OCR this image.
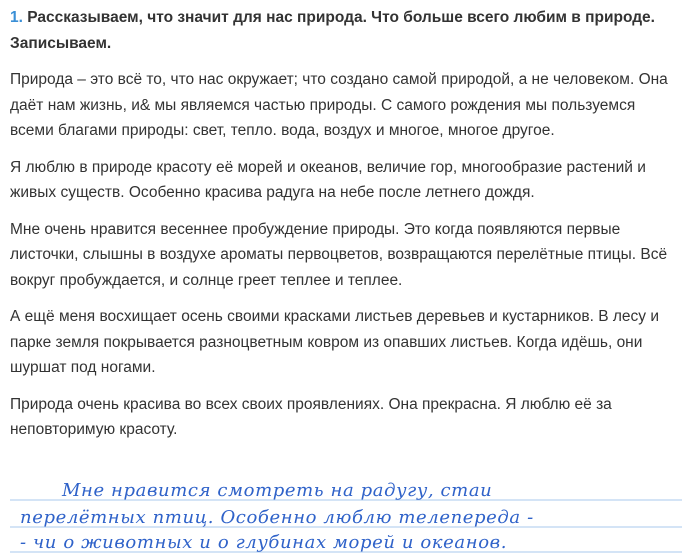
1. Рассказываем, что значит для нас природа. Что больше всего любим в природе. Записываем.

Природа – это всё то, что нас окружает; что создано самой природой, а не человеком. Она даёт нам жизнь, и& мы являемся частью природы. С самого рождения мы пользуемся всеми благами природы: свет, тепло. вода, воздух и многое, многое другое.

Я люблю в природе красоту её морей и океанов, величие гор, многообразие растений и живых существ. Особенно красива радуга на небе после летнего дождя.

Мне очень нравится весеннее пробуждение природы. Это когда появляются первые листочки, слышны в воздухе ароматы первоцветов, возвращаются перелётные птицы. Всё вокруг пробуждается, и солнце греет теплее и теплее.

А ещё меня восхищает осень своими красками листьев деревьев и кустарников. В лесу и парке земля покрывается разноцветным ковром из опавших листьев. Когда идёшь, они шуршат под ногами.

Природа очень красива во всех своих проявлениях. Она прекрасна. Я люблю её за неповторимую красоту.

Мне нравится смотреть на радугу, стаи
перелётных птиц. Особенно люблю телепереда -
- чи о животных и о глубинах морей и океанов.
